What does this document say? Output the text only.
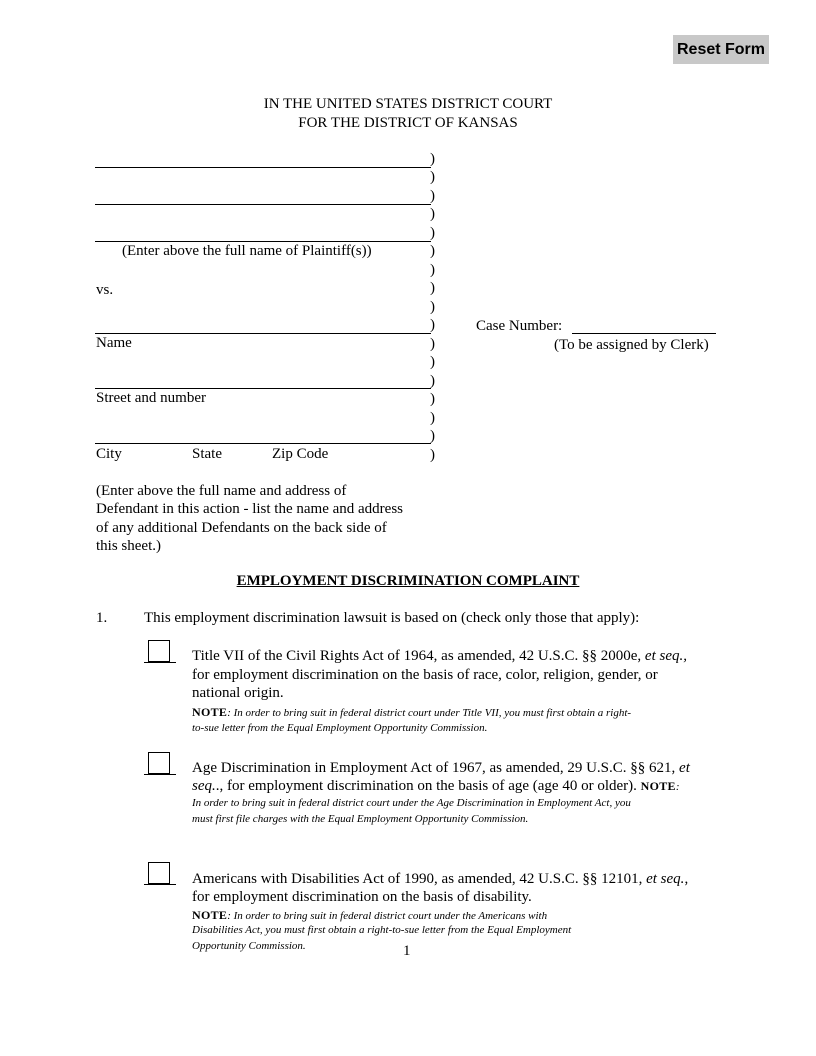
Reset Form
IN THE UNITED STATES DISTRICT COURT
FOR THE DISTRICT OF KANSAS
(Enter above the full name of Plaintiff(s))
vs.
Name
Street and number
City	State	Zip Code
)
)
)
)
)
)
)
)
)
)
)
)
)
)
)
)
)
Case Number:
(To be assigned by Clerk)
(Enter above the full name and address of
Defendant in this action - list the name and address
of any additional Defendants on the back side of
this sheet.)
EMPLOYMENT DISCRIMINATION COMPLAINT
1. This employment discrimination lawsuit is based on (check only those that apply):
Title VII of the Civil Rights Act of 1964, as amended, 42 U.S.C. §§ 2000e, et seq.,
for employment discrimination on the basis of race, color, religion, gender, or
national origin.
NOTE: In order to bring suit in federal district court under Title VII, you must first obtain a right-
to-sue letter from the Equal Employment Opportunity Commission.
Age Discrimination in Employment Act of 1967, as amended, 29 U.S.C. §§ 621, et
seq.., for employment discrimination on the basis of age (age 40 or older). NOTE:
In order to bring suit in federal district court under the Age Discrimination in Employment Act, you
must first file charges with the Equal Employment Opportunity Commission.
Americans with Disabilities Act of 1990, as amended, 42 U.S.C. §§ 12101, et seq.,
for employment discrimination on the basis of disability.
NOTE: In order to bring suit in federal district court under the Americans with
Disabilities Act, you must first obtain a right-to-sue letter from the Equal Employment
Opportunity Commission.	1
